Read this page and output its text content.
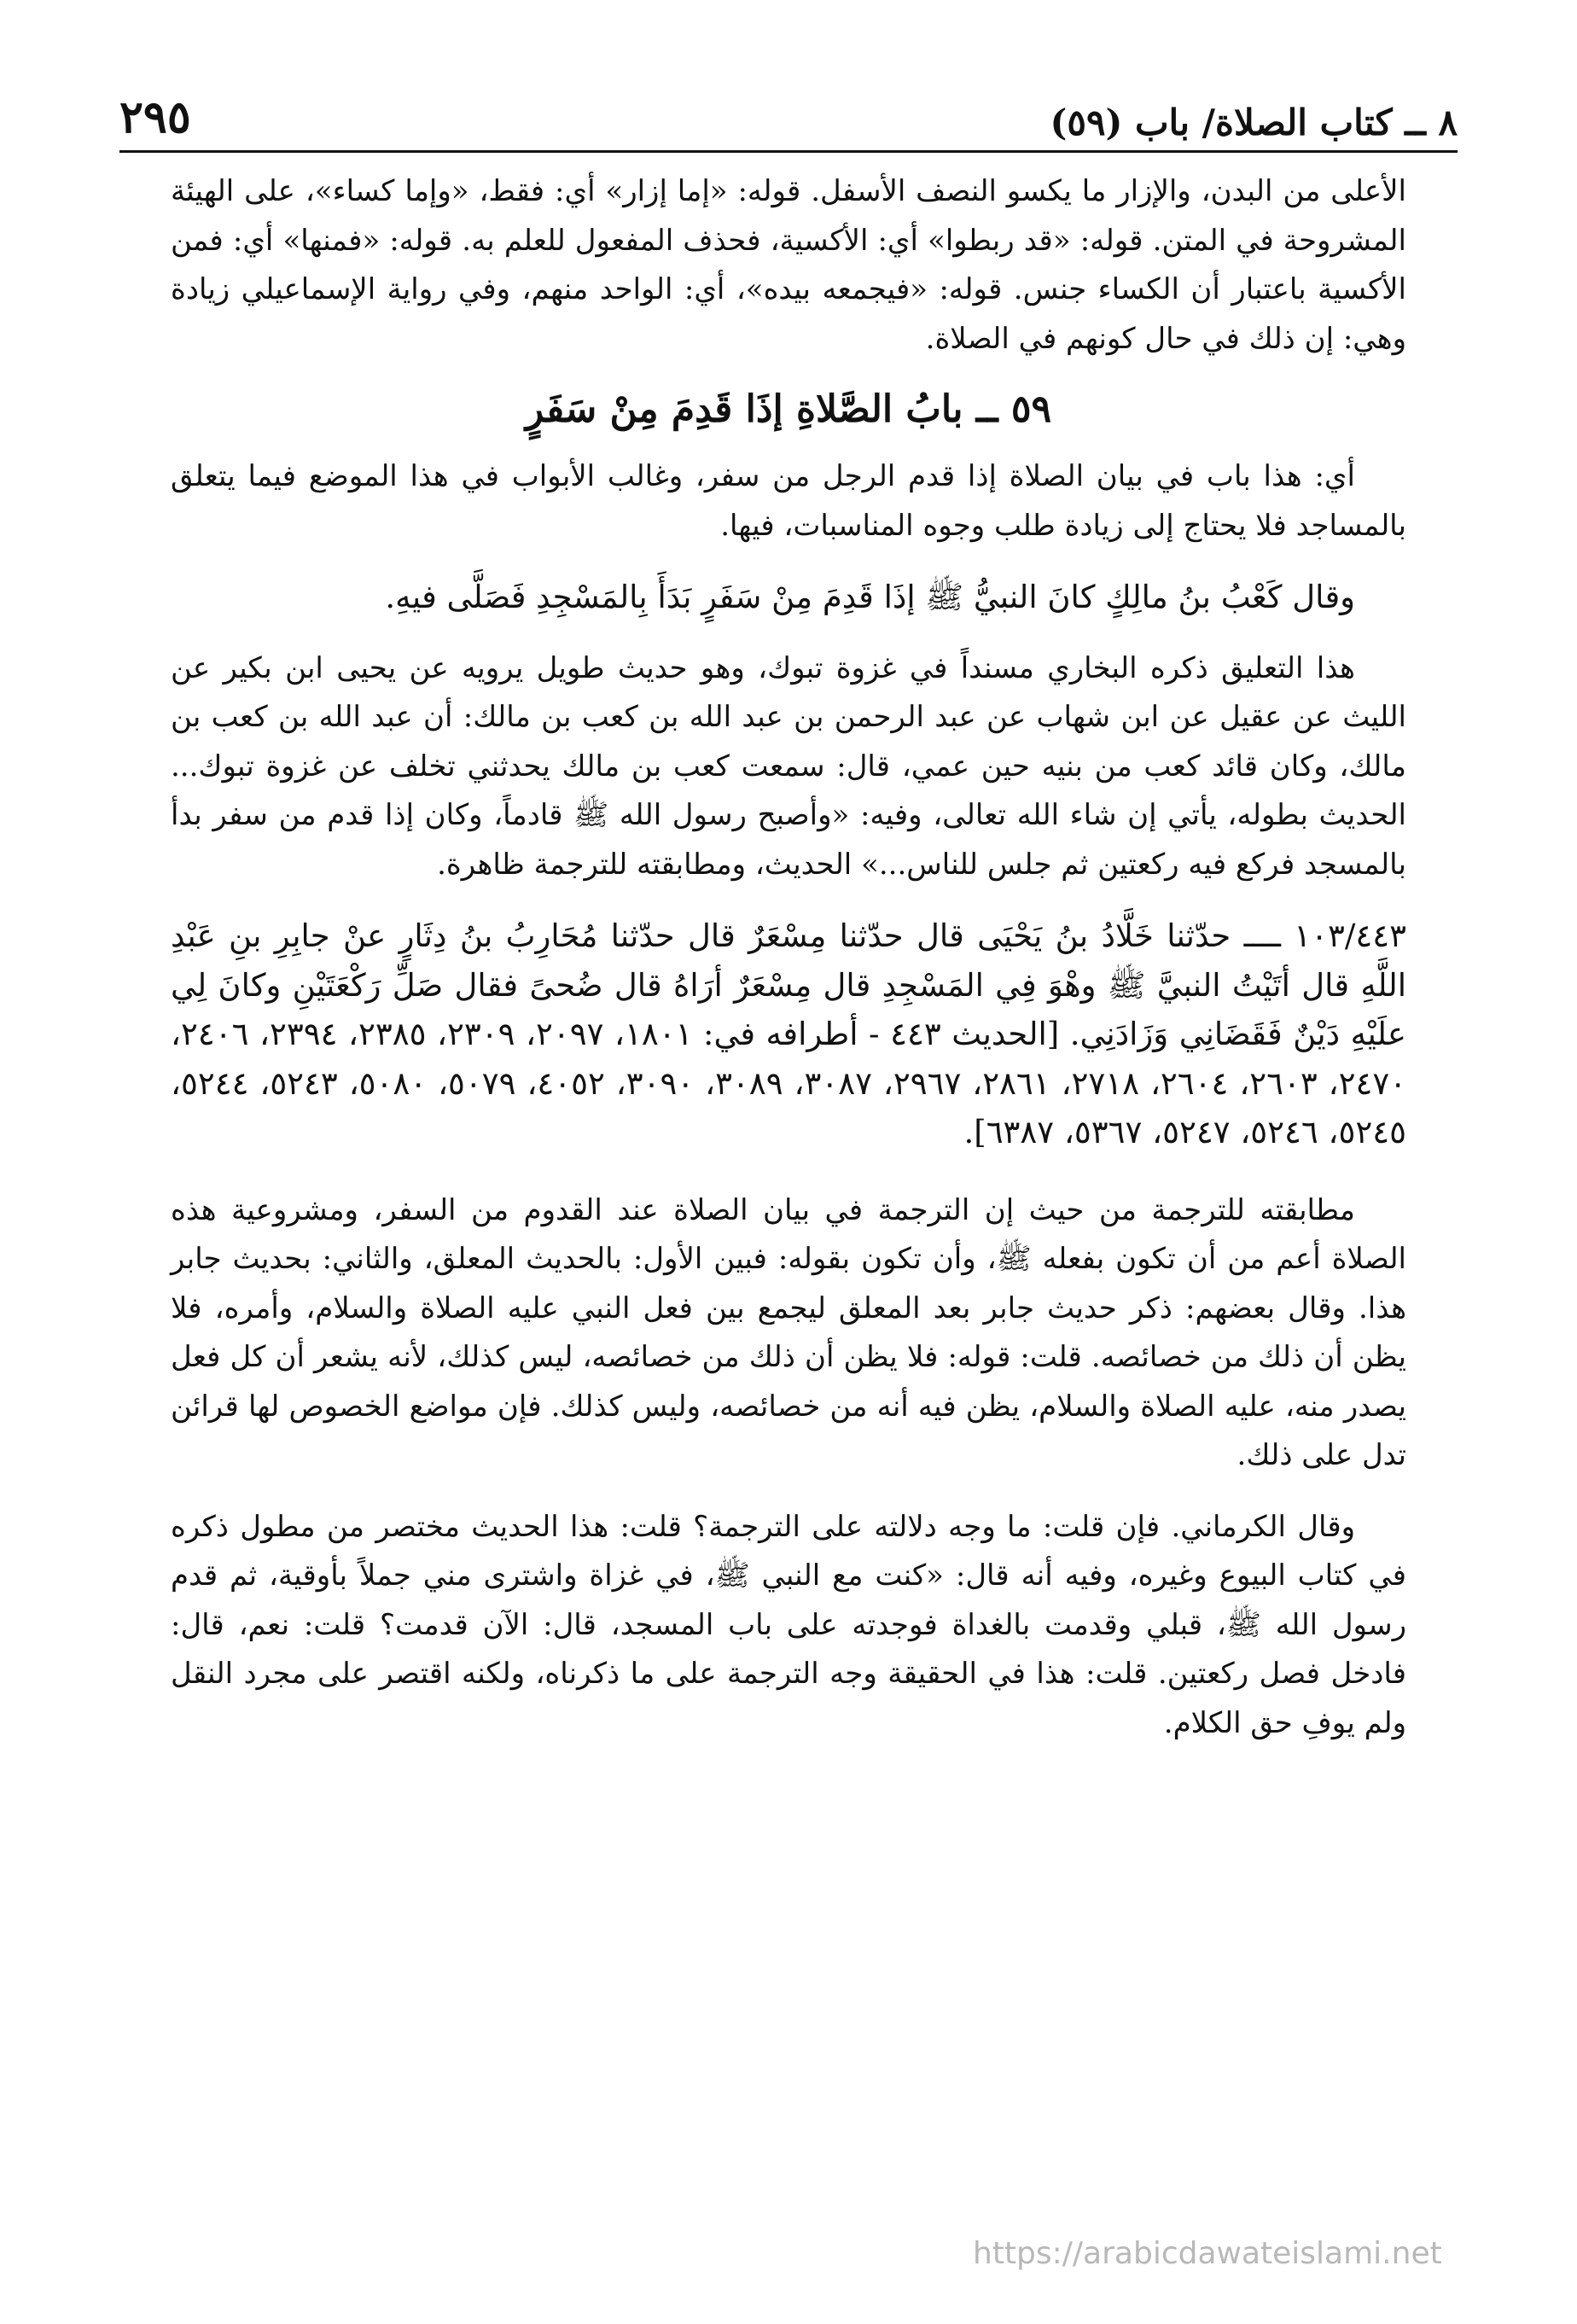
٨ ــ كتاب الصلاة/ باب (٥٩)
٢٩٥

الأعلى من البدن، والإزار ما يكسو النصف الأسفل. قوله: «إما إزار» أي: فقط، «وإما كساء»، على الهيئة المشروحة في المتن. قوله: «قد ربطوا» أي: الأكسية، فحذف المفعول للعلم به. قوله: «فمنها» أي: فمن الأكسية باعتبار أن الكساء جنس. قوله: «فيجمعه بيده»، أي: الواحد منهم، وفي رواية الإسماعيلي زيادة وهي: إن ذلك في حال كونهم في الصلاة.

٥٩ ــ بابُ الصَّلاةِ إذَا قَدِمَ مِنْ سَفَرٍ

أي: هذا باب في بيان الصلاة إذا قدم الرجل من سفر، وغالب الأبواب في هذا الموضع فيما يتعلق بالمساجد فلا يحتاج إلى زيادة طلب وجوه المناسبات، فيها.

وقال كَعْبُ بنُ مالِكٍ كانَ النبيُّ ﷺ إذَا قَدِمَ مِنْ سَفَرٍ بَدَأَ بِالمَسْجِدِ فَصَلَّى فيهِ.

هذا التعليق ذكره البخاري مسنداً في غزوة تبوك، وهو حديث طويل يرويه عن يحيى ابن بكير عن الليث عن عقيل عن ابن شهاب عن عبد الرحمن بن عبد الله بن كعب بن مالك: أن عبد الله بن كعب بن مالك، وكان قائد كعب من بنيه حين عمي، قال: سمعت كعب بن مالك يحدثني تخلف عن غزوة تبوك... الحديث بطوله، يأتي إن شاء الله تعالى، وفيه: «وأصبح رسول الله ﷺ قادماً، وكان إذا قدم من سفر بدأ بالمسجد فركع فيه ركعتين ثم جلس للناس...» الحديث، ومطابقته للترجمة ظاهرة.

١٠٣/٤٤٣ ــــ حدّثنا خَلَّادُ بنُ يَحْيَى قال حدّثنا مِسْعَرٌ قال حدّثنا مُحَارِبُ بنُ دِثَارٍ عنْ جابِرِ بنِ عَبْدِ اللَّهِ قال أتَيْتُ النبيَّ ﷺ وهْوَ فِي المَسْجِدِ قال مِسْعَرٌ أرَاهُ قال ضُحىً فقال صَلِّ رَكْعَتَيْنِ وكانَ لِي علَيْهِ دَيْنٌ فَقَضَانِي وَزَادَنِي. [الحديث ٤٤٣ - أطرافه في: ١٨٠١، ٢٠٩٧، ٢٣٠٩، ٢٣٨٥، ٢٣٩٤، ٢٤٠٦، ٢٤٧٠، ٢٦٠٣، ٢٦٠٤، ٢٧١٨، ٢٨٦١، ٢٩٦٧، ٣٠٨٧، ٣٠٨٩، ٣٠٩٠، ٤٠٥٢، ٥٠٧٩، ٥٠٨٠، ٥٢٤٣، ٥٢٤٤، ٥٢٤٥، ٥٢٤٦، ٥٢٤٧، ٥٣٦٧، ٦٣٨٧].

مطابقته للترجمة من حيث إن الترجمة في بيان الصلاة عند القدوم من السفر، ومشروعية هذه الصلاة أعم من أن تكون بفعله ﷺ، وأن تكون بقوله: فبين الأول: بالحديث المعلق، والثاني: بحديث جابر هذا. وقال بعضهم: ذكر حديث جابر بعد المعلق ليجمع بين فعل النبي عليه الصلاة والسلام، وأمره، فلا يظن أن ذلك من خصائصه. قلت: قوله: فلا يظن أن ذلك من خصائصه، ليس كذلك، لأنه يشعر أن كل فعل يصدر منه، عليه الصلاة والسلام، يظن فيه أنه من خصائصه، وليس كذلك. فإن مواضع الخصوص لها قرائن تدل على ذلك.

وقال الكرماني. فإن قلت: ما وجه دلالته على الترجمة؟ قلت: هذا الحديث مختصر من مطول ذكره في كتاب البيوع وغيره، وفيه أنه قال: «كنت مع النبي ﷺ، في غزاة واشترى مني جملاً بأوقية، ثم قدم رسول الله ﷺ، قبلي وقدمت بالغداة فوجدته على باب المسجد، قال: الآن قدمت؟ قلت: نعم، قال: فادخل فصل ركعتين. قلت: هذا في الحقيقة وجه الترجمة على ما ذكرناه، ولكنه اقتصر على مجرد النقل ولم يوفِ حق الكلام.

https://arabicdawateislami.net
